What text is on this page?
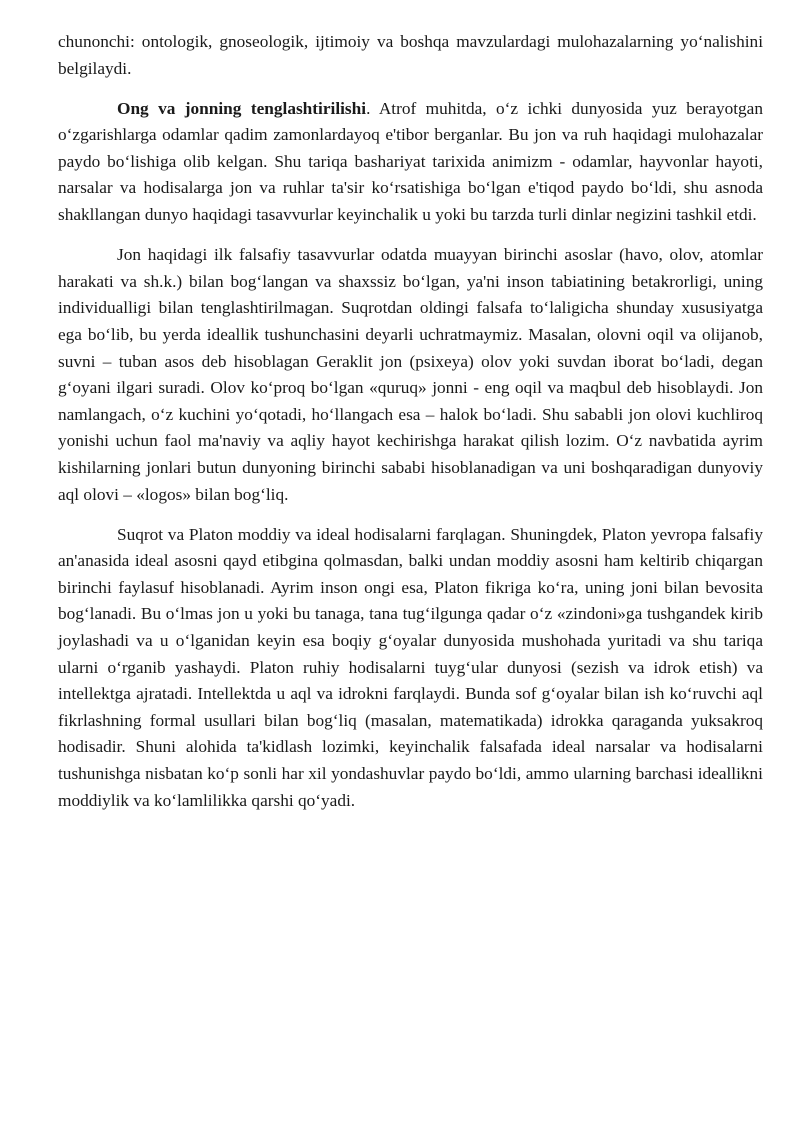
chunonchi: ontologik, gnoseologik, ijtimoiy va boshqa mavzulardagi mulohazalarning yo‘nalishini belgilaydi.

Ong va jonning tenglashtirilishi. Atrof muhitda, o‘z ichki dunyosida yuz berayotgan o‘zgarishlarga odamlar qadim zamonlardayoq e'tibor berganlar. Bu jon va ruh haqidagi mulohazalar paydo bo‘lishiga olib kelgan. Shu tariqa bashariyat tarixida animizm - odamlar, hayvonlar hayoti, narsalar va hodisalarga jon va ruhlar ta'sir ko‘rsatishiga bo‘lgan e'tiqod paydo bo‘ldi, shu asnoda shakllangan dunyo haqidagi tasavvurlar keyinchalik u yoki bu tarzda turli dinlar negizini tashkil etdi.

Jon haqidagi ilk falsafiy tasavvurlar odatda muayyan birinchi asoslar (havo, olov, atomlar harakati va sh.k.) bilan bog‘langan va shaxssiz bo‘lgan, ya'ni inson tabiatining betakrorligi, uning individualligi bilan tenglashtirilmagan. Suqrotdan oldingi falsafa to‘laligicha shunday xususiyatga ega bo‘lib, bu yerda ideallik tushunchasini deyarli uchratmaymiz. Masalan, olovni oqil va olijanob, suvni – tuban asos deb hisoblagan Geraklit jon (psixeya) olov yoki suvdan iborat bo‘ladi, degan g‘oyani ilgari suradi. Olov ko‘proq bo‘lgan «quruq» jonni - eng oqil va maqbul deb hisoblaydi. Jon namlangach, o‘z kuchini yo‘qotadi, ho‘llangach esa – halok bo‘ladi. Shu sababli jon olovi kuchliroq yonishi uchun faol ma'naviy va aqliy hayot kechirishga harakat qilish lozim. O‘z navbatida ayrim kishilarning jonlari butun dunyoning birinchi sababi hisoblanadigan va uni boshqaradigan dunyoviy aql olovi – «logos» bilan bog‘liq.

Suqrot va Platon moddiy va ideal hodisalarni farqlagan. Shuningdek, Platon yevropa falsafiy an'anasida ideal asosni qayd etibgina qolmasdan, balki undan moddiy asosni ham keltirib chiqargan birinchi faylasuf hisoblanadi. Ayrim inson ongi esa, Platon fikriga ko‘ra, uning joni bilan bevosita bog‘lanadi. Bu o‘lmas jon u yoki bu tanaga, tana tug‘ilgunga qadar o‘z «zindoni»ga tushgandek kirib joylashadi va u o‘lganidan keyin esa boqiy g‘oyalar dunyosida mushohada yuritadi va shu tariqa ularni o‘rganib yashaydi. Platon ruhiy hodisalarni tuyg‘ular dunyosi (sezish va idrok etish) va intellektga ajratadi. Intellektda u aql va idrokni farqlaydi. Bunda sof g‘oyalar bilan ish ko‘ruvchi aql fikrlashning formal usullari bilan bog‘liq (masalan, matematikada) idrokka qaraganda yuksakroq hodisadir. Shuni alohida ta'kidlash lozimki, keyinchalik falsafada ideal narsalar va hodisalarni tushunishga nisbatan ko‘p sonli har xil yondashuvlar paydo bo‘ldi, ammo ularning barchasi ideallikni moddiylik va ko‘lamlilikka qarshi qo‘yadi.
